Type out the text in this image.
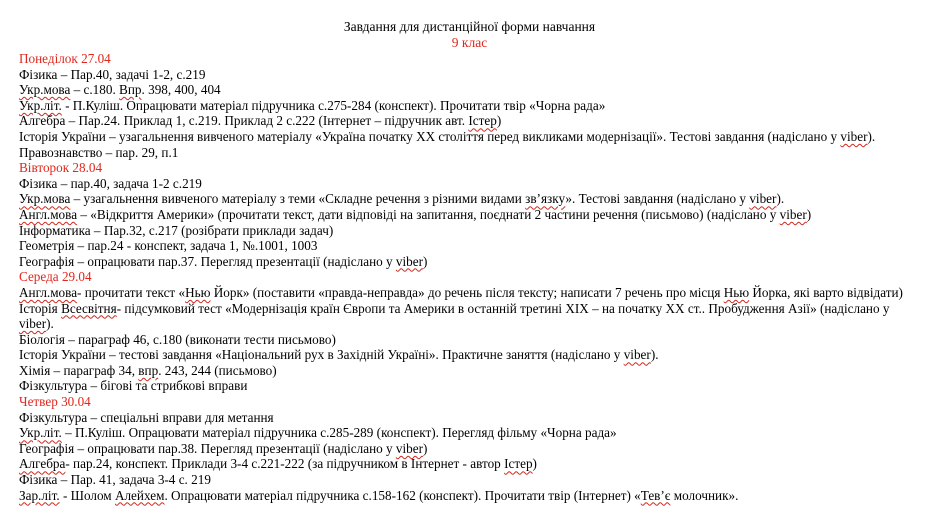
Завдання для дистанційної форми навчання
9 клас
Понеділок 27.04
Фізика – Пар.40, задачі 1-2, с.219
Укр.мова – с.180. Впр. 398, 400, 404
Укр.літ. - П.Куліш. Опрацювати матеріал підручника с.275-284 (конспект). Прочитати твір «Чорна рада»
Алгебра – Пар.24. Приклад 1, с.219. Приклад 2 с.222 (Інтернет – підручник авт. Істер)
Історія України – узагальнення вивченого матеріалу «Україна початку ХХ століття перед викликами модернізації». Тестові завдання (надіслано у viber).
Правознавство – пар. 29, п.1
Вівторок 28.04
Фізика – пар.40, задача 1-2 с.219
Укр.мова – узагальнення вивченого матеріалу з теми «Складне речення з різними видами зв’язку». Тестові завдання (надіслано у viber).
Англ.мова – «Відкриття Америки» (прочитати текст, дати відповіді на запитання, поєднати 2 частини речення (письмово) (надіслано у viber)
Інформатика – Пар.32, с.217 (розібрати приклади задач)
Геометрія – пар.24 - конспект, задача 1, №.1001, 1003
Географія – опрацювати пар.37. Перегляд презентації (надіслано у viber)
Середа 29.04
Англ.мова- прочитати текст «Нью Йорк» (поставити «правда-неправда» до речень після тексту; написати 7 речень про місця Нью Йорка, які варто відвідати)
Історія Всесвітня- підсумковий тест «Модернізація країн Європи та Америки в останній третині ХІХ – на початку ХХ ст.. Пробудження Азії» (надіслано у viber).
Біологія – параграф 46, с.180 (виконати тести письмово)
Історія України – тестові завдання «Національний рух в Західній Україні». Практичне заняття (надіслано у viber).
Хімія – параграф 34, впр. 243, 244 (письмово)
Фізкультура – бігові та стрибкові вправи
Четвер 30.04
Фізкультура – спеціальні вправи для метання
Укр.літ. – П.Куліш. Опрацювати матеріал підручника с.285-289 (конспект). Перегляд фільму «Чорна рада»
Географія – опрацювати пар.38. Перегляд презентації (надіслано у viber)
Алгебра- пар.24, конспект. Приклади 3-4 с.221-222 (за підручником в Інтернет - автор Істер)
Фізика – Пар. 41, задача 3-4 с. 219
Зар.літ. - Шолом Алейхем. Опрацювати матеріал підручника с.158-162 (конспект). Прочитати твір (Інтернет) «Тев’є молочник».
